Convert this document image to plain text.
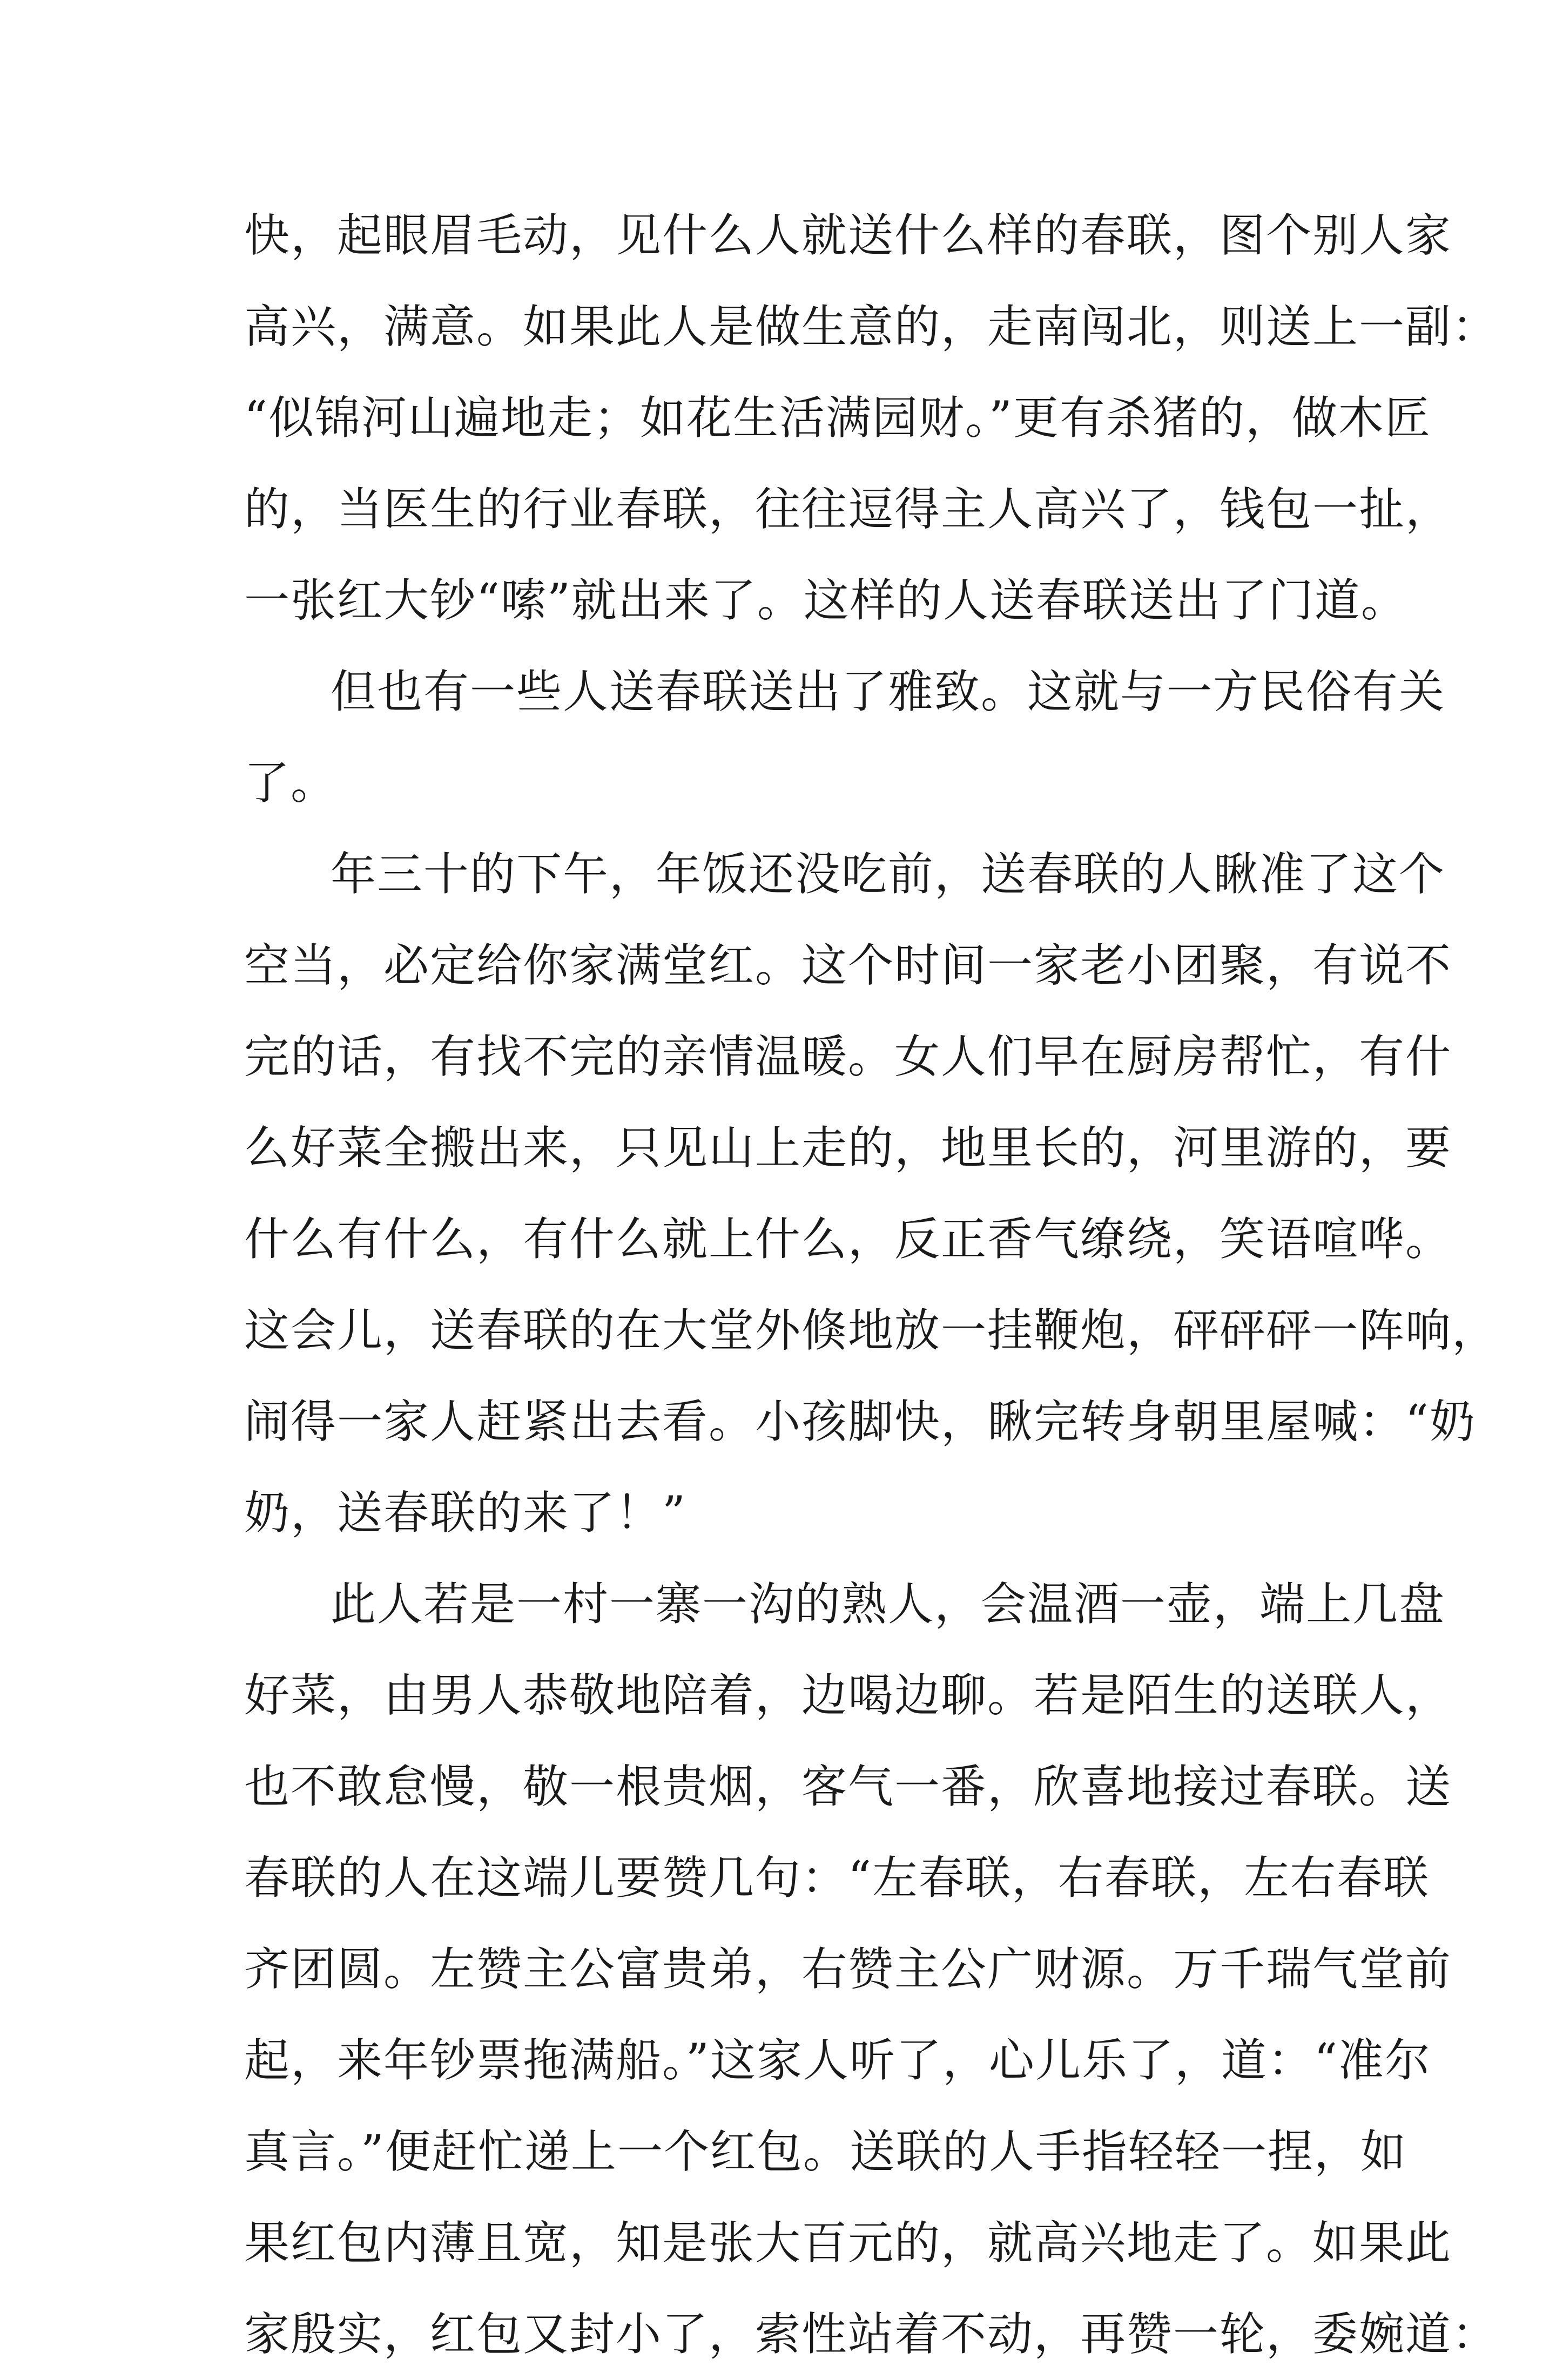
快，起眼眉毛动，见什么人就送什么样的春联，图个别人家
高兴，满意。如果此人是做生意的，走南闯北，则送上一副：
“似锦河山遍地走；如花生活满园财。”更有杀猪的，做木匠
的，当医生的行业春联，往往逗得主人高兴了，钱包一扯，
一张红大钞“嗦”就出来了。这样的人送春联送出了门道。
但也有一些人送春联送出了雅致。这就与一方民俗有关
了。
年三十的下午，年饭还没吃前，送春联的人瞅准了这个
空当，必定给你家满堂红。这个时间一家老小团聚，有说不
完的话，有找不完的亲情温暖。女人们早在厨房帮忙，有什
么好菜全搬出来，只见山上走的，地里长的，河里游的，要
什么有什么，有什么就上什么，反正香气缭绕，笑语喧哗。
这会儿，送春联的在大堂外倏地放一挂鞭炮，砰砰砰一阵响，
闹得一家人赶紧出去看。小孩脚快，瞅完转身朝里屋喊：“奶
奶，送春联的来了！”
此人若是一村一寨一沟的熟人，会温酒一壶，端上几盘
好菜，由男人恭敬地陪着，边喝边聊。若是陌生的送联人，
也不敢怠慢，敬一根贵烟，客气一番，欣喜地接过春联。送
春联的人在这端儿要赞几句：“左春联，右春联，左右春联
齐团圆。左赞主公富贵弟，右赞主公广财源。万千瑞气堂前
起，来年钞票拖满船。”这家人听了，心儿乐了，道：“准尔
真言。”便赶忙递上一个红包。送联的人手指轻轻一捏，如
果红包内薄且宽，知是张大百元的，就高兴地走了。如果此
家殷实，红包又封小了，索性站着不动，再赞一轮，委婉道：
